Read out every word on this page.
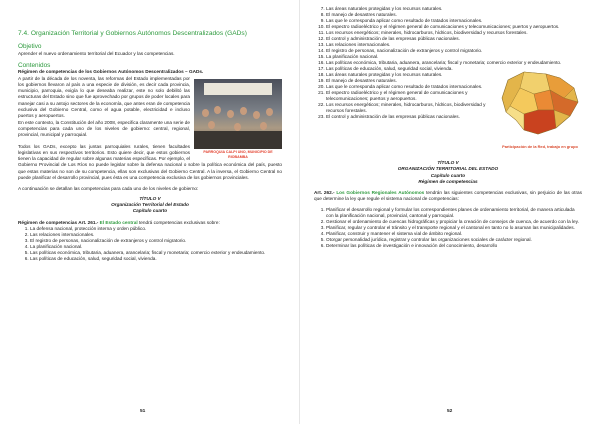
7.4. Organización Territorial y Gobiernos Autónomos Descentralizados (GADs)

Objetivo

Aprender el nuevo ordenamiento territorial del Ecuador y las competencias.

Contenidos

Régimen de competencias de los Gobiernos Autónomos Descentralizados – GADs.

PARROQUIA CALPI UNO, MUNICIPIO DE RIOBAMBA

A partir de la década de los noventa, las reformas del Estado implementadas por los gobiernos llevaron al país a una especie de división, es decir cada provincia, municipio, parroquia, exigía lo que deseaba realizar, este no solo debilitó las estructuras del Estado sino que fue aprovechado por grupos de poder locales para manejar casi a su antojo sectores de la economía, que antes eran de competencia exclusiva del Gobierno Central, como el agua potable, electricidad e incluso puertos y aeropuertos.

En este contexto, la Constitución del año 2008, especifica claramente una serie de competencias para cada uno de los niveles de gobierno: central, regional, provincial, municipal y parroquial.

Todos los GADs, excepto las juntas parroquiales rurales, tienen facultades legislativas en sus respectivos territorios. Esto quiere decir, que estos gobiernos tienen la capacidad de regular sobre algunas materias específicas. Por ejemplo, el Gobierno Provincial de Los Ríos no puede legislar sobre la defensa nacional o sobre la política económica del país, puesto que estas materias no son de su competencia, ellas son exclusivas del Gobierno Central. A la inversa, el Gobierno Central no puede planificar el desarrollo provincial, pues ésta es una competencia exclusiva de los gobiernos provinciales.

A continuación se detallan las competencias para cada uno de los niveles de gobierno:

TÍTULO V

Organización Territorial del Estado

Capítulo cuarto

Régimen de competencias Art. 261.- El Estado central tendrá competencias exclusivas sobre:

1. La defensa nacional, protección interna y orden público.
2. Las relaciones internacionales.
3. El registro de personas, nacionalización de extranjeros y control migratorio.
4. La planificación nacional.
5. Las políticas económica, tributaria, aduanera, arancelaria; fiscal y monetaria; comercio exterior y endeudamiento.
6. Las políticas de educación, salud, seguridad social, vivienda.
51
7. Las áreas naturales protegidas y los recursos naturales.
8. El manejo de desastres naturales.
9. Las que le corresponda aplicar como resultado de tratados internacionales.
10. El espectro radioeléctrico y el régimen general de comunicaciones y telecomunicaciones; puertos y aeropuertos.
11. Los recursos energéticos; minerales, hidrocarburos, hídricos, biodiversidad y recursos forestales.
12. El control y administración de las empresas públicas nacionales.
13. Las relaciones internacionales.
14. El registro de personas, nacionalización de extranjeros y control migratorio.
15. La planificación nacional.
16. Las políticas económica, tributaria, aduanera, arancelaria; fiscal y monetaria; comercio exterior y endeudamiento.
17. Participación de la Red, trabajo en grupo
Las políticas de educación, salud, seguridad social, vivienda.
18. Las áreas naturales protegidas y los recursos naturales.
19. El manejo de desastres naturales.
20. Las que le corresponda aplicar como resultado de tratados internacionales.
21. El espectro radioeléctrico y el régimen general de comunicaciones y telecomunicaciones; puertos y aeropuertos.
22. Los recursos energéticos; minerales, hidrocarburos, hídricos, biodiversidad y recursos forestales.
23. El control y administración de las empresas públicas nacionales.

TÍTULO V

ORGANIZACIÓN TERRITORIAL DEL ESTADO

Capítulo cuarto

Régimen de competencias

Art. 262.- Los Gobiernos Regionales Autónomos tendrán las siguientes competencias exclusivas, sin perjuicio de las otras que determine la ley que regule el sistema nacional de competencias:

1. Planificar el desarrollo regional y formular los correspondientes planes de ordenamiento territorial, de manera articulada con la planificación nacional, provincial, cantonal y parroquial.
2. Gestionar el ordenamiento de cuencas hidrográficas y propiciar la creación de consejos de cuenca, de acuerdo con la ley.
3. Planificar, regular y controlar el tránsito y el transporte regional y el cantonal en tanto no lo asuman las municipalidades.
4. Planificar, construir y mantener el sistema vial de ámbito regional.
5. Otorgar personalidad jurídica, registrar y controlar las organizaciones sociales de carácter regional.
6. Determinar las políticas de investigación e innovación del conocimiento, desarrollo
52
